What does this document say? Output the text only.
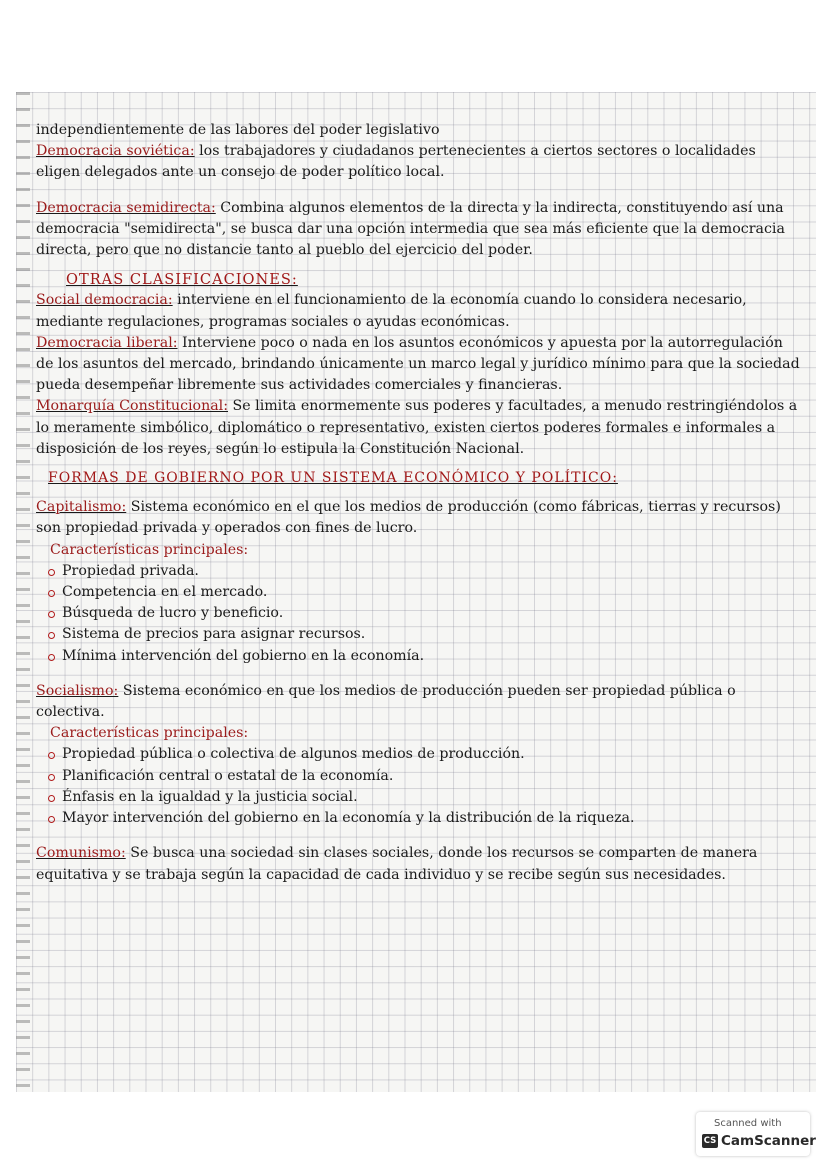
independientemente de las labores del poder legislativo

Democracia soviética: los trabajadores y ciudadanos pertenecientes a ciertos sectores o localidades eligen delegados ante un consejo de poder político local.

Democracia semidirecta: Combina algunos elementos de la directa y la indirecta, constituyendo así una democracia "semidirecta", se busca dar una opción intermedia que sea más eficiente que la democracia directa, pero que no distancie tanto al pueblo del ejercicio del poder.

OTRAS CLASIFICACIONES:

Social democracia: interviene en el funcionamiento de la economía cuando lo considera necesario, mediante regulaciones, programas sociales o ayudas económicas.

Democracia liberal: Interviene poco o nada en los asuntos económicos y apuesta por la autorregulación de los asuntos del mercado, brindando únicamente un marco legal y jurídico mínimo para que la sociedad pueda desempeñar libremente sus actividades comerciales y financieras.

Monarquía Constitucional: Se limita enormemente sus poderes y facultades, a menudo restringiéndolos a lo meramente simbólico, diplomático o representativo, existen ciertos poderes formales e informales a disposición de los reyes, según lo estipula la Constitución Nacional.

FORMAS DE GOBIERNO POR UN SISTEMA ECONÓMICO Y POLÍTICO:

Capitalismo: Sistema económico en el que los medios de producción (como fábricas, tierras y recursos) son propiedad privada y operados con fines de lucro.

Características principales:

Propiedad privada.
Competencia en el mercado.
Búsqueda de lucro y beneficio.
Sistema de precios para asignar recursos.
Mínima intervención del gobierno en la economía.

Socialismo: Sistema económico en que los medios de producción pueden ser propiedad pública o colectiva.

Características principales:

Propiedad pública o colectiva de algunos medios de producción.
Planificación central o estatal de la economía.
Énfasis en la igualdad y la justicia social.
Mayor intervención del gobierno en la economía y la distribución de la riqueza.

Comunismo: Se busca una sociedad sin clases sociales, donde los recursos se comparten de manera equitativa y se trabaja según la capacidad de cada individuo y se recibe según sus necesidades.

Scanned with
CS CamScanner
